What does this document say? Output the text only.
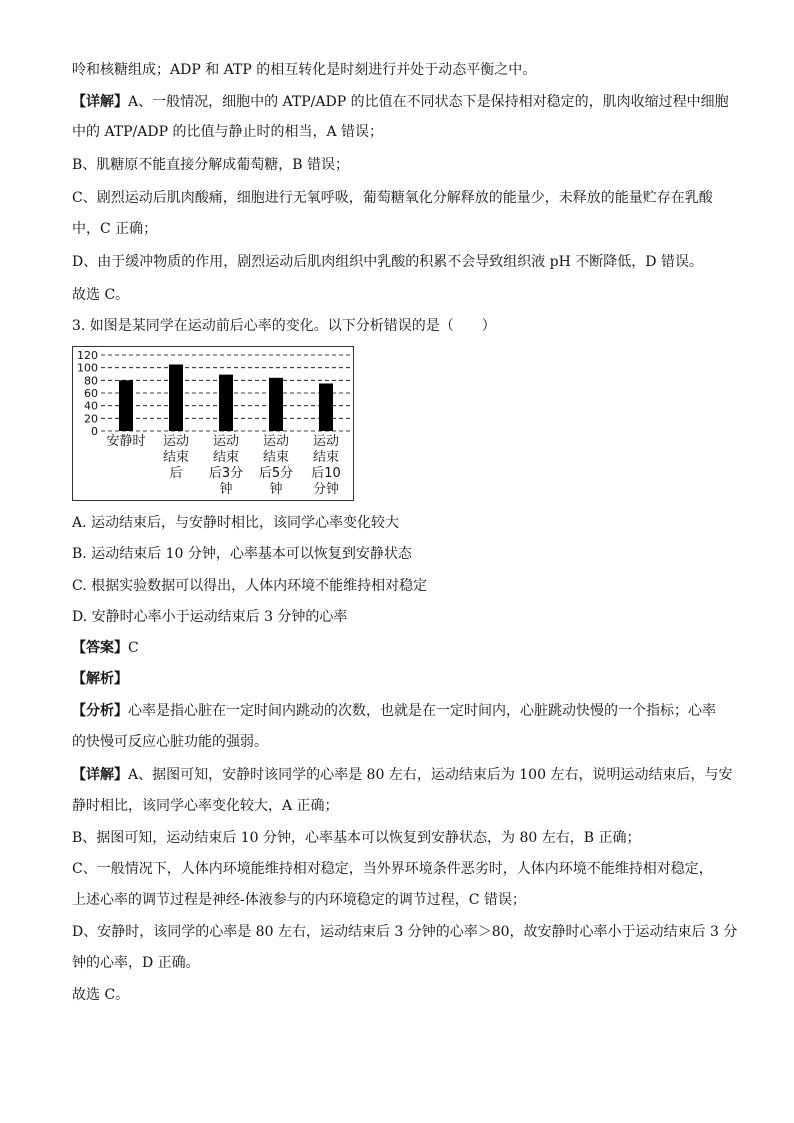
呤和核糖组成；ADP 和 ATP 的相互转化是时刻进行并处于动态平衡之中。
【详解】A、一般情况，细胞中的 ATP/ADP 的比值在不同状态下是保持相对稳定的，肌肉收缩过程中细胞
中的 ATP/ADP 的比值与静止时的相当，A 错误；
B、肌糖原不能直接分解成葡萄糖，B 错误；
C、剧烈运动后肌肉酸痛，细胞进行无氧呼吸，葡萄糖氧化分解释放的能量少，未释放的能量贮存在乳酸
中，C 正确；
D、由于缓冲物质的作用，剧烈运动后肌肉组织中乳酸的积累不会导致组织液 pH 不断降低，D 错误。
故选 C。
3. 如图是某同学在运动前后心率的变化。以下分析错误的是（　　）
120
100
80
60
40
20
0
安静时 运动
结束
后
运动
结束
后3分
钟
运动
结束
后5分
钟
运动
结束
后10
分钟
A. 运动结束后，与安静时相比，该同学心率变化较大
B. 运动结束后 10 分钟，心率基本可以恢复到安静状态
C. 根据实验数据可以得出，人体内环境不能维持相对稳定
D. 安静时心率小于运动结束后 3 分钟的心率
【答案】C
【解析】
【分析】心率是指心脏在一定时间内跳动的次数，也就是在一定时间内，心脏跳动快慢的一个指标；心率
的快慢可反应心脏功能的强弱。
【详解】A、据图可知，安静时该同学的心率是 80 左右，运动结束后为 100 左右，说明运动结束后，与安
静时相比，该同学心率变化较大，A 正确；
B、据图可知，运动结束后 10 分钟，心率基本可以恢复到安静状态，为 80 左右，B 正确；
C、一般情况下，人体内环境能维持相对稳定，当外界环境条件恶劣时，人体内环境不能维持相对稳定，
上述心率的调节过程是神经-体液参与的内环境稳定的调节过程，C 错误；
D、安静时，该同学的心率是 80 左右，运动结束后 3 分钟的心率＞80，故安静时心率小于运动结束后 3 分
钟的心率，D 正确。
故选 C。
